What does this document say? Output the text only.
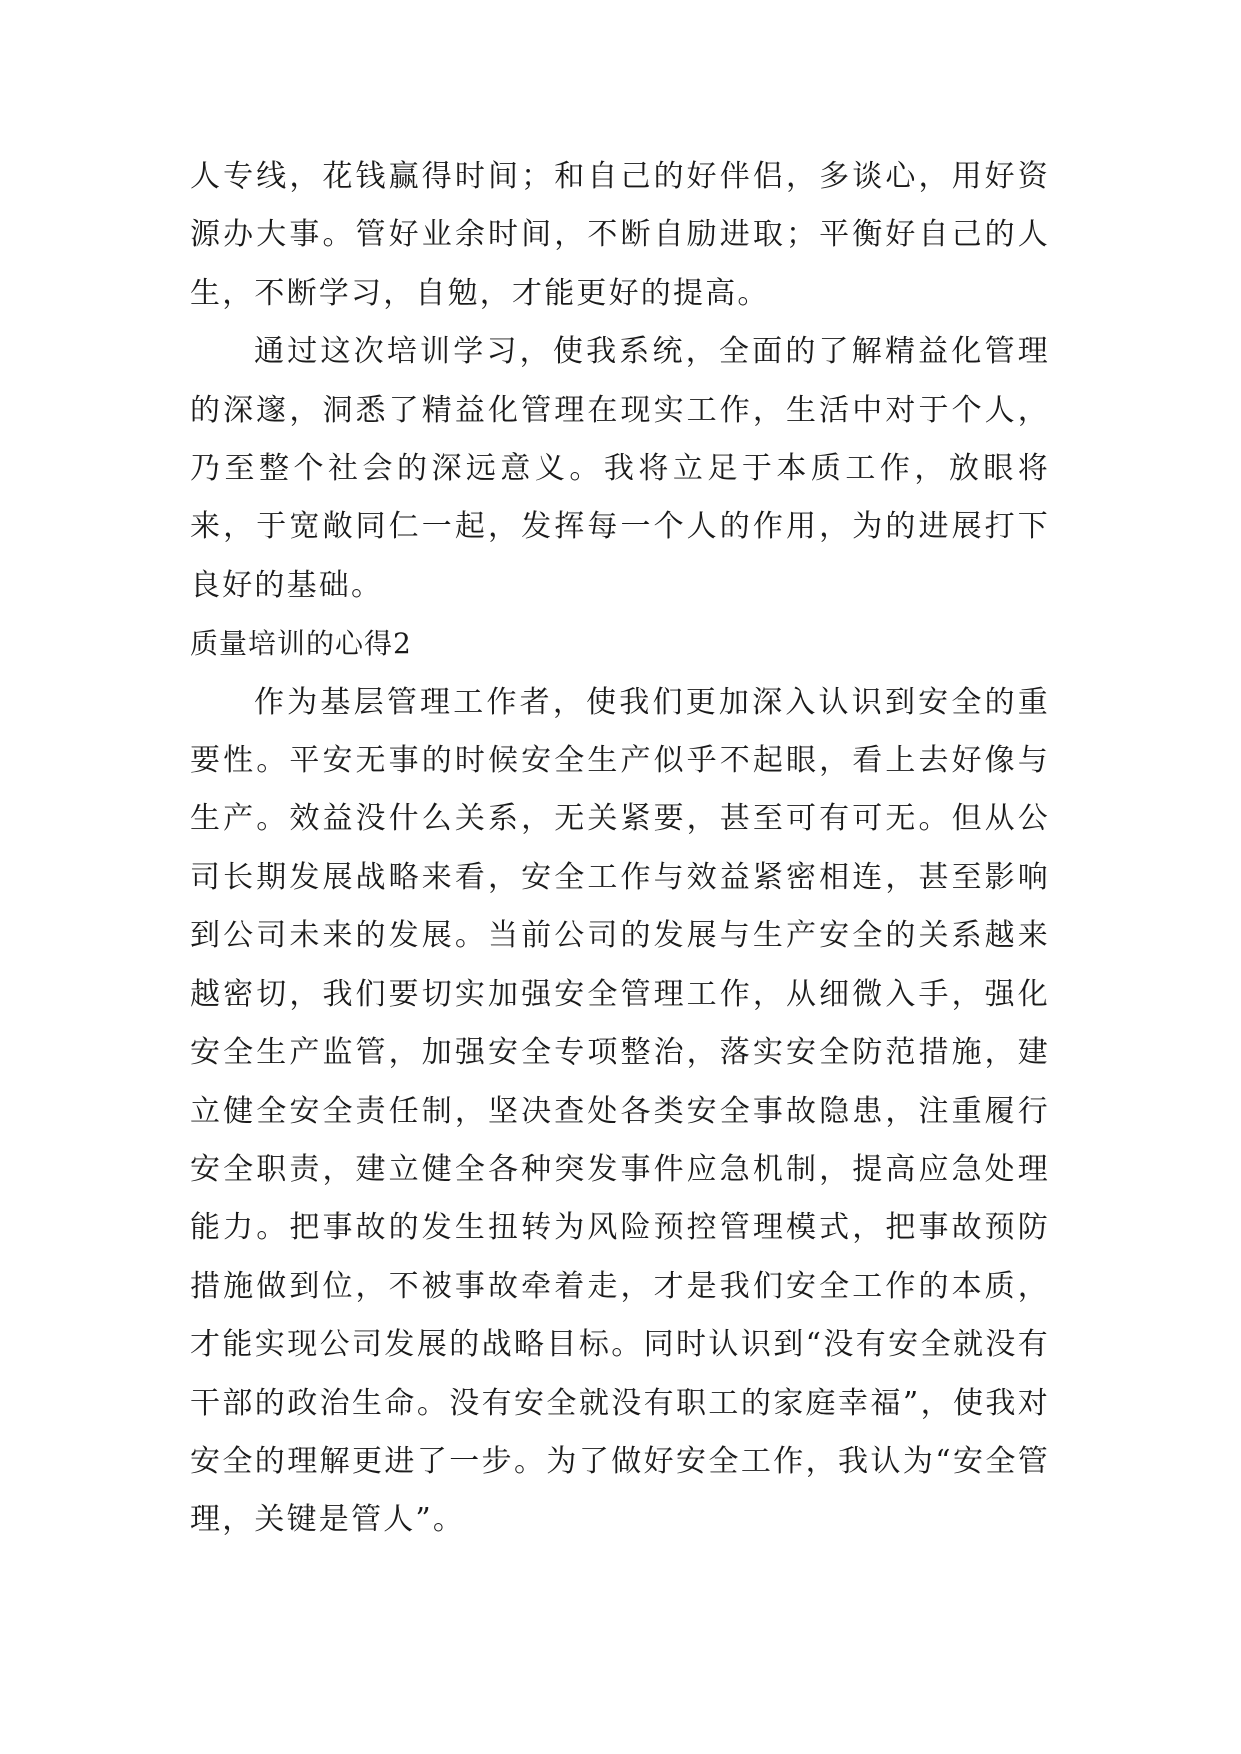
人专线，花钱赢得时间；和自己的好伴侣，多谈心，用好资源办大事。管好业余时间，不断自励进取；平衡好自己的人生，不断学习，自勉，才能更好的提高。

通过这次培训学习，使我系统，全面的了解精益化管理的深邃，洞悉了精益化管理在现实工作，生活中对于个人，乃至整个社会的深远意义。我将立足于本质工作，放眼将来，于宽敞同仁一起，发挥每一个人的作用，为的进展打下良好的基础。

质量培训的心得2

作为基层管理工作者，使我们更加深入认识到安全的重要性。平安无事的时候安全生产似乎不起眼，看上去好像与生产。效益没什么关系，无关紧要，甚至可有可无。但从公司长期发展战略来看，安全工作与效益紧密相连，甚至影响到公司未来的发展。当前公司的发展与生产安全的关系越来越密切，我们要切实加强安全管理工作，从细微入手，强化安全生产监管，加强安全专项整治，落实安全防范措施，建立健全安全责任制，坚决查处各类安全事故隐患，注重履行安全职责，建立健全各种突发事件应急机制，提高应急处理能力。把事故的发生扭转为风险预控管理模式，把事故预防措施做到位，不被事故牵着走，才是我们安全工作的本质，才能实现公司发展的战略目标。同时认识到“没有安全就没有干部的政治生命。没有安全就没有职工的家庭幸福”，使我对安全的理解更进了一步。为了做好安全工作，我认为“安全管理，关键是管人”。
